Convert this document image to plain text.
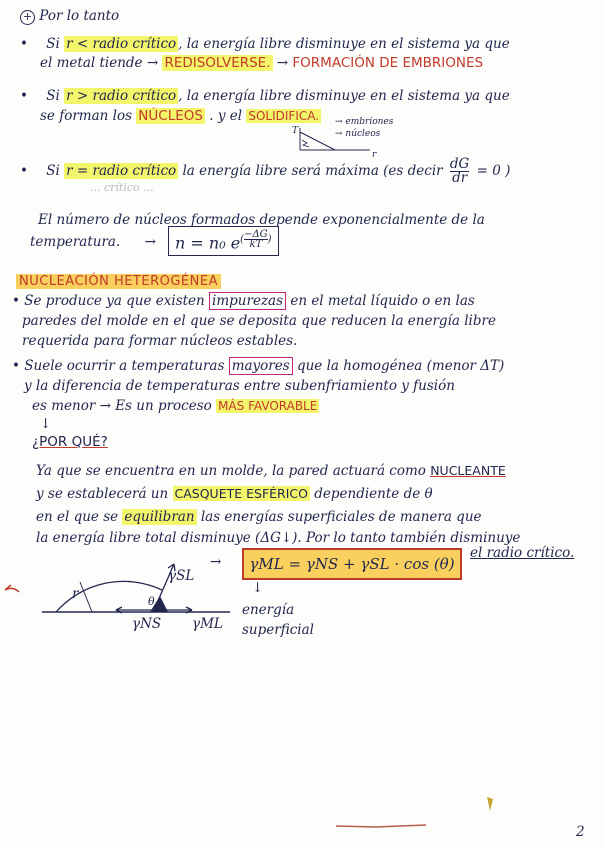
+ Por lo tanto
• Si r < radio crítico , la energía libre disminuye en el sistema ya que
el metal tiende → REDISOLVERSE. → FORMACIÓN DE EMBRIONES
• Si r > radio crítico , la energía libre disminuye en el sistema ya que
se forman los NÚCLEOS . y el SOLIDIFICA.
T
r
→ embriones
→ núcleos
• Si r = radio crítico la energía libre será máxima (es decir $\frac{dG}{dr} = 0$ )
... crítico ...
El número de núcleos formados depende exponencialmente de la
temperatura. →	n = n₀ $e^{( \frac{-\Delta G}{kT} )}$
NUCLEACIÓN HETEROGÉNEA
• Se produce ya que existen impurezas en el metal líquido o en las
paredes del molde en el que se deposita que reducen la energía libre
requerida para formar núcleos estables.
• Suele ocurrir a temperaturas mayores que la homogénea (menor ΔT)
y la diferencia de temperaturas entre subenfriamiento y fusión
es menor → Es un proceso MÁS FAVORABLE
↓
¿POR QUÉ?
Ya que se encuentra en un molde, la pared actuará como NUCLEANTE
y se establecerá un CASQUETE ESFÉRICO dependiente de θ
en el que se equilibran las energías superficiales de manera que
la energía libre total disminuye (ΔG↓). Por lo tanto también disminuye
el radio crítico.
r	θ
γSL
γNS γML
→	γML = γNS + γSL · cos (θ)
↓
energía
superficial
2
